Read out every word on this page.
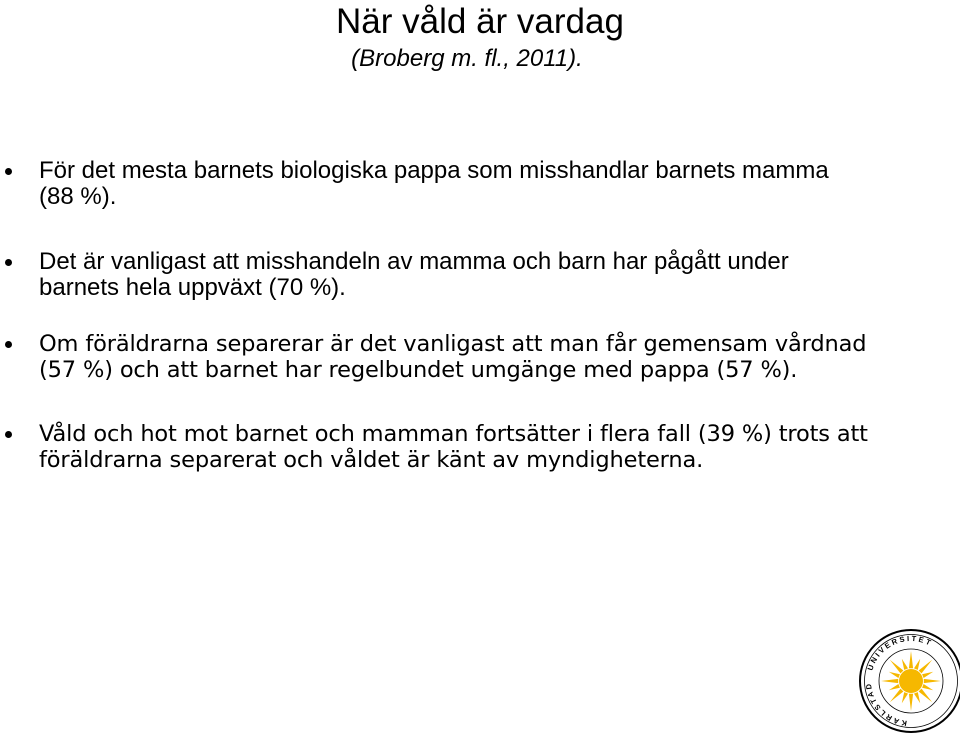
När våld är vardag
(Broberg m. fl., 2011).
För det mesta barnets biologiska pappa som misshandlar barnets mamma
(88 %).
Det är vanligast att misshandeln av mamma och barn har pågått under
barnets hela uppväxt (70 %).
Om föräldrarna separerar är det vanligast att man får gemensam vårdnad
(57 %) och att barnet har regelbundet umgänge med pappa (57 %).
Våld och hot mot barnet och mamman fortsätter i flera fall (39 %) trots att
föräldrarna separerat och våldet är känt av myndigheterna.
UNIVERSITET
KARLSTAD
